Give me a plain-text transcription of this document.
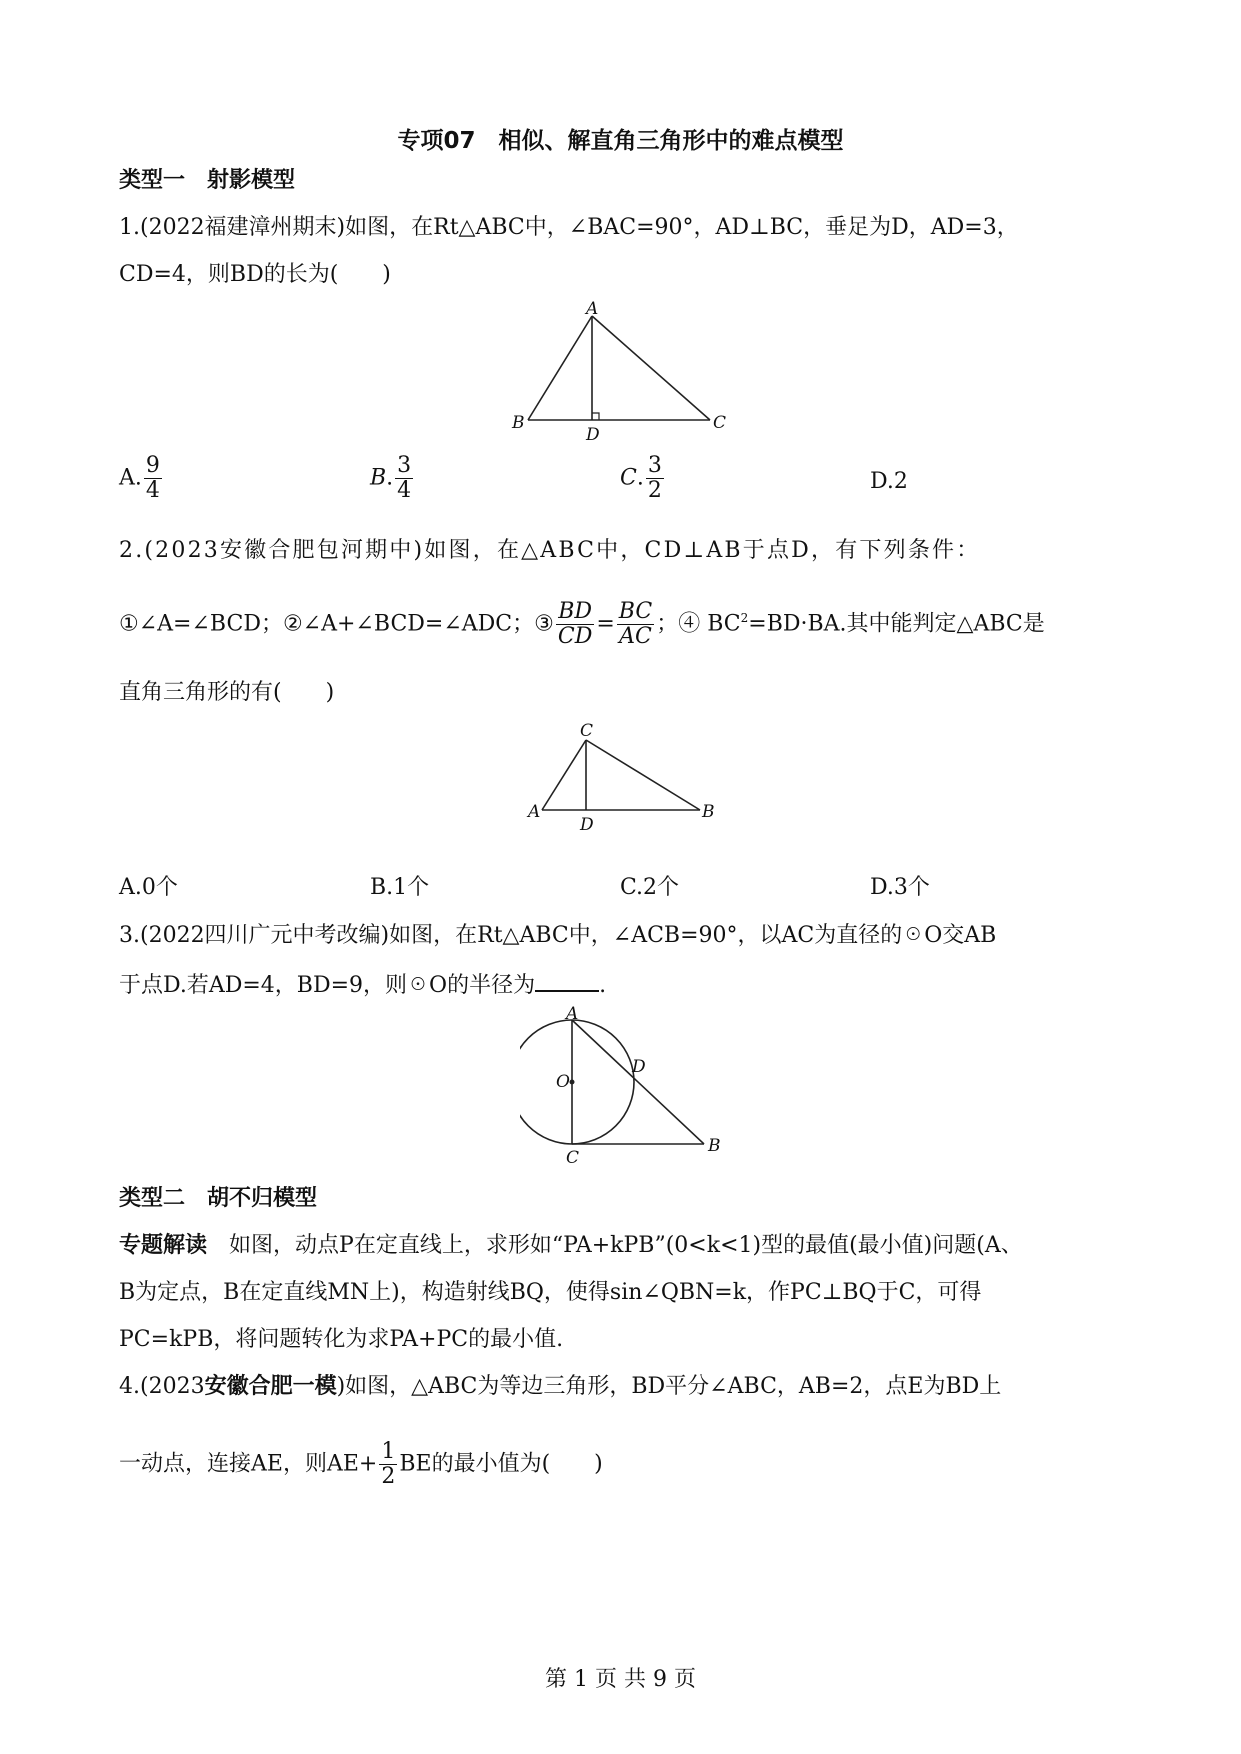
专项07　相似、解直角三角形中的难点模型
类型一　射影模型
1.(2022福建漳州期末)如图，在Rt△ABC中，∠BAC=90°，AD⊥BC，垂足为D，AD=3，
CD=4，则BD的长为(　　)
A
B	C
D
A. $\frac{9}{4}$	B. $\frac{3}{4}$	C. $\frac{3}{2}$	D.2
2.(2023安徽合肥包河期中)如图，在△ABC中，CD⊥AB于点D，有下列条件：
①∠A=∠BCD；②∠A+∠BCD=∠ADC；③ $\frac{BD}{CD} = \frac{BC}{AC}$ ；④ $BC^2=BD\cdot BA$.其中能判定△ABC是
直角三角形的有(　　)
C
A	B
D
A.0个	B.1个	C.2个	D.3个
3.(2022四川广元中考改编)如图，在Rt△ABC中，∠ACB=90°，以AC为直径的☉O交AB
于点D.若AD=4，BD=9，则☉O的半径为	.
A
O
D
C
B
类型二　胡不归模型
专题解读　如图，动点P在定直线上，求形如“PA+kPB”(0<k<1)型的最值(最小值)问题(A、
B为定点，B在定直线MN上)，构造射线BQ，使得sin∠QBN=k，作PC⊥BQ于C，可得
PC=kPB，将问题转化为求PA+PC的最小值.
4.(2023安徽合肥一模)如图，△ABC为等边三角形，BD平分∠ABC，AB=2，点E为BD上
一动点，连接AE，则$AE+ \frac{1}{2}$ BE的最小值为(　　)
第 1 页 共 9 页
